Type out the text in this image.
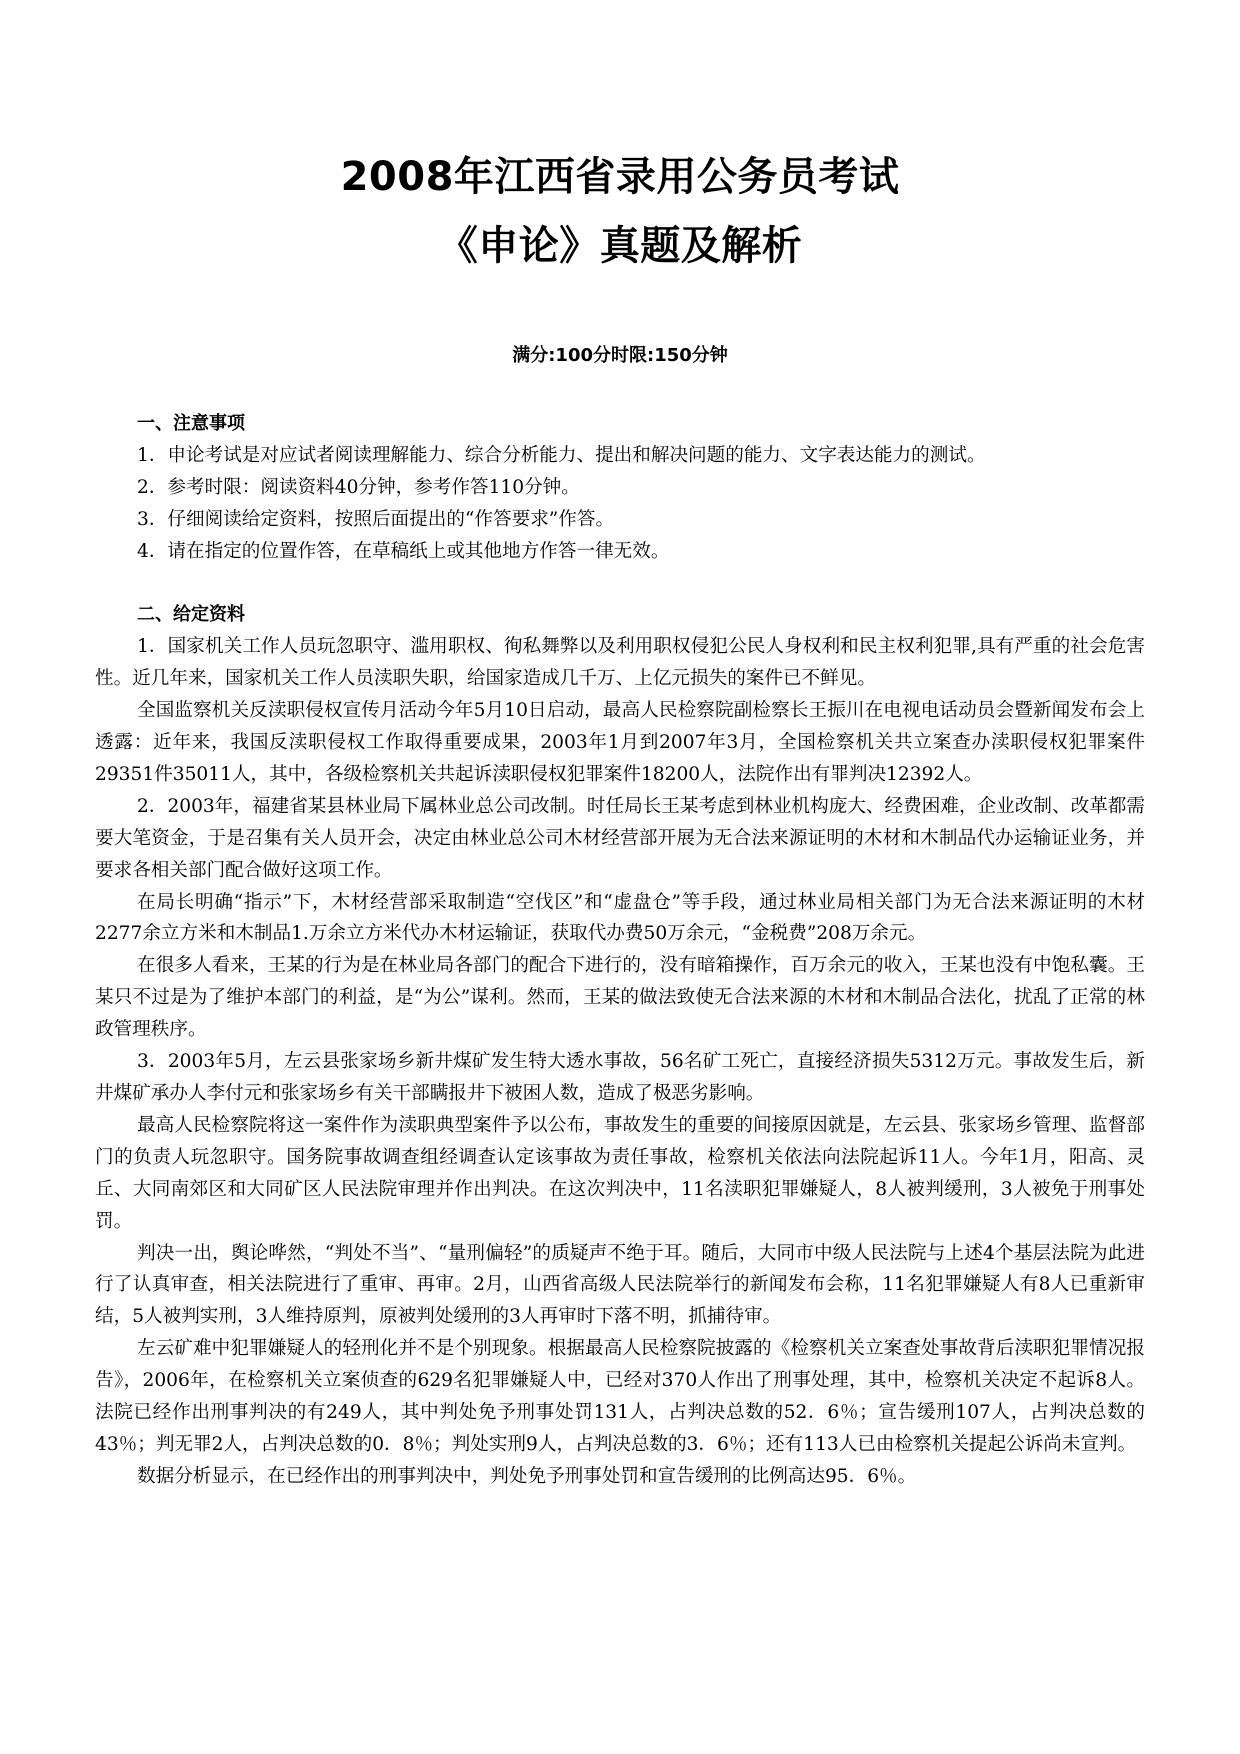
2008年江西省录用公务员考试
《申论》真题及解析
满分:100分时限:150分钟

一、注意事项

1．申论考试是对应试者阅读理解能力、综合分析能力、提出和解决问题的能力、文字表达能力的测试。

2．参考时限：阅读资料40分钟，参考作答110分钟。

3．仔细阅读给定资料，按照后面提出的“作答要求”作答。

4．请在指定的位置作答，在草稿纸上或其他地方作答一律无效。

二、给定资料

1．国家机关工作人员玩忽职守、滥用职权、徇私舞弊以及利用职权侵犯公民人身权利和民主权利犯罪,具有严重的社会危害性。近几年来，国家机关工作人员渎职失职，给国家造成几千万、上亿元损失的案件已不鲜见。

全国监察机关反渎职侵权宣传月活动今年5月10日启动，最高人民检察院副检察长王振川在电视电话动员会暨新闻发布会上透露：近年来，我国反渎职侵权工作取得重要成果，2003年1月到2007年3月，全国检察机关共立案查办渎职侵权犯罪案件29351件35011人，其中，各级检察机关共起诉渎职侵权犯罪案件18200人，法院作出有罪判决12392人。

2．2003年，福建省某县林业局下属林业总公司改制。时任局长王某考虑到林业机构庞大、经费困难，企业改制、改革都需要大笔资金，于是召集有关人员开会，决定由林业总公司木材经营部开展为无合法来源证明的木材和木制品代办运输证业务，并要求各相关部门配合做好这项工作。

在局长明确“指示”下，木材经营部采取制造“空伐区”和“虚盘仓”等手段，通过林业局相关部门为无合法来源证明的木材2277余立方米和木制品1.万余立方米代办木材运输证，获取代办费50万余元，“金税费”208万余元。

在很多人看来，王某的行为是在林业局各部门的配合下进行的，没有暗箱操作，百万余元的收入，王某也没有中饱私囊。王某只不过是为了维护本部门的利益，是“为公”谋利。然而，王某的做法致使无合法来源的木材和木制品合法化，扰乱了正常的林政管理秩序。

3．2003年5月，左云县张家场乡新井煤矿发生特大透水事故，56名矿工死亡，直接经济损失5312万元。事故发生后，新井煤矿承办人李付元和张家场乡有关干部瞒报井下被困人数，造成了极恶劣影响。

最高人民检察院将这一案件作为渎职典型案件予以公布，事故发生的重要的间接原因就是，左云县、张家场乡管理、监督部门的负责人玩忽职守。国务院事故调查组经调查认定该事故为责任事故，检察机关依法向法院起诉11人。今年1月，阳高、灵丘、大同南郊区和大同矿区人民法院审理并作出判决。在这次判决中，11名渎职犯罪嫌疑人，8人被判缓刑，3人被免于刑事处罚。

判决一出，舆论哗然，“判处不当”、“量刑偏轻”的质疑声不绝于耳。随后，大同市中级人民法院与上述4个基层法院为此进行了认真审查，相关法院进行了重审、再审。2月，山西省高级人民法院举行的新闻发布会称，11名犯罪嫌疑人有8人已重新审结，5人被判实刑，3人维持原判，原被判处缓刑的3人再审时下落不明，抓捕待审。

左云矿难中犯罪嫌疑人的轻刑化并不是个别现象。根据最高人民检察院披露的《检察机关立案查处事故背后渎职犯罪情况报告》，2006年，在检察机关立案侦查的629名犯罪嫌疑人中，已经对370人作出了刑事处理，其中，检察机关决定不起诉8人。法院已经作出刑事判决的有249人，其中判处免予刑事处罚131人，占判决总数的52．6％；宣告缓刑107人，占判决总数的43％；判无罪2人，占判决总数的0．8％；判处实刑9人，占判决总数的3．6％；还有113人已由检察机关提起公诉尚未宣判。

数据分析显示，在已经作出的刑事判决中，判处免予刑事处罚和宣告缓刑的比例高达95．6％。
